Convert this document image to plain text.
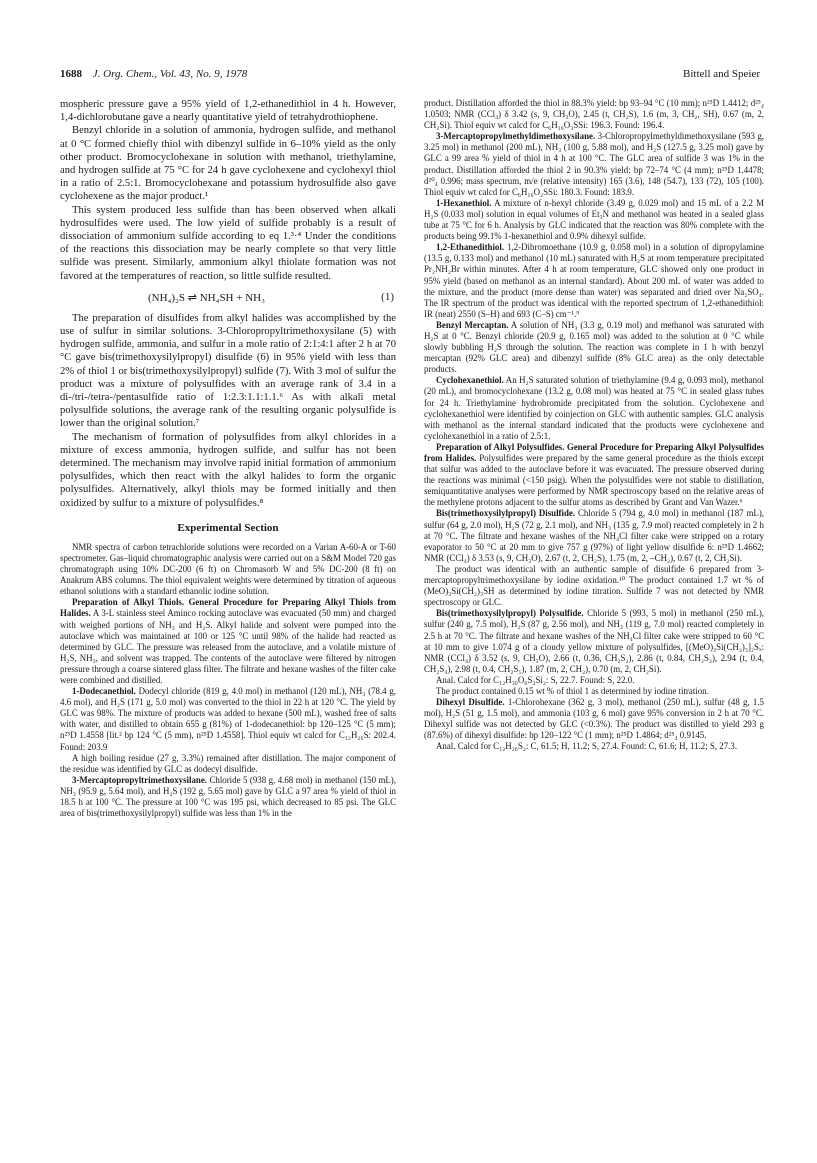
1688 J. Org. Chem., Vol. 43, No. 9, 1978	Bittell and Speier

mospheric pressure gave a 95% yield of 1,2-ethanedithiol in 4 h. However, 1,4-dichlorobutane gave a nearly quantitative yield of tetrahydrothiophene.

Benzyl chloride in a solution of ammonia, hydrogen sulfide, and methanol at 0 °C formed chiefly thiol with dibenzyl sulfide in 6–10% yield as the only other product. Bromocyclohexane in solution with methanol, triethylamine, and hydrogen sulfide at 75 °C for 24 h gave cyclohexene and cyclohexyl thiol in a ratio of 2.5:1. Bromocyclohexane and potassium hydrosulfide also gave cyclohexene as the major product.¹

This system produced less sulfide than has been observed when alkali hydrosulfides were used. The low yield of sulfide probably is a result of dissociation of ammonium sulfide according to eq 1.³·⁴ Under the conditions of the reactions this dissociation may be nearly complete so that very little sulfide was present. Similarly, ammonium alkyl thiolate formation was not favored at the temperatures of reaction, so little sulfide resulted.

(NH₄)₂S ⇌ NH₄SH + NH₃	(1)

The preparation of disulfides from alkyl halides was accomplished by the use of sulfur in similar solutions. 3-Chloropropyltrimethoxysilane (5) with hydrogen sulfide, ammonia, and sulfur in a mole ratio of 2:1:4:1 after 2 h at 70 °C gave bis(trimethoxysilylpropyl) disulfide (6) in 95% yield with less than 2% of thiol 1 or bis(trimethoxysilylpropyl) sulfide (7). With 3 mol of sulfur the product was a mixture of polysulfides with an average rank of 3.4 in a di-/tri-/tetra-/pentasulfide ratio of 1:2.3:1.1:1.1.⁶ As with alkali metal polysulfide solutions, the average rank of the resulting organic polysulfide is lower than the original solution.⁷

The mechanism of formation of polysulfides from alkyl chlorides in a mixture of excess ammonia, hydrogen sulfide, and sulfur has not been determined. The mechanism may involve rapid initial formation of ammonium polysulfides, which then react with the alkyl halides to form the organic polysulfides. Alternatively, alkyl thiols may be formed initially and then oxidized by sulfur to a mixture of polysulfides.⁸

Experimental Section

NMR spectra of carbon tetrachloride solutions were recorded on a Varian A-60-A or T-60 spectrometer. Gas–liquid chromatographic analysis were carried out on a S&M Model 720 gas chromatograph using 10% DC-200 (6 ft) on Chromasorb W and 5% DC-200 (8 ft) on Anakrum ABS columns. The thiol equivalent weights were determined by titration of aqueous ethanol solutions with a standard ethanolic iodine solution.

Preparation of Alkyl Thiols. General Procedure for Preparing Alkyl Thiols from Halides. A 3-L stainless steel Aminco rocking autoclave was evacuated (50 mm) and charged with weighed portions of NH₃ and H₂S. Alkyl halide and solvent were pumped into the autoclave which was maintained at 100 or 125 °C until 98% of the halide had reacted as determined by GLC. The pressure was released from the autoclave, and a volatile mixture of H₂S, NH₃, and solvent was trapped. The contents of the autoclave were filtered by nitrogen pressure through a coarse sintered glass filter. The filtrate and hexane washes of the filter cake were combined and distilled.

1-Dodecanethiol. Dodecyl chloride (819 g, 4.0 mol) in methanol (120 mL), NH₃ (78.4 g, 4.6 mol), and H₂S (171 g, 5.0 mol) was converted to the thiol in 22 h at 120 °C. The yield by GLC was 98%. The mixture of products was added to hexane (500 mL), washed free of salts with water, and distilled to obtain 655 g (81%) of 1-dodecanethiol: bp 120–125 °C (5 mm); n²⁵D 1.4558 [lit.² bp 124 °C (5 mm), n²⁵D 1.4558]. Thiol equiv wt calcd for C₁₂H₂₆S: 202.4. Found: 203.9

A high boiling residue (27 g, 3.3%) remained after distillation. The major component of the residue was identified by GLC as dodecyl disulfide.

3-Mercaptopropyltrimethoxysilane. Chloride 5 (938 g, 4.68 mol) in methanol (150 mL), NH₃ (95.9 g, 5.64 mol), and H₂S (192 g, 5.65 mol) gave by GLC a 97 area % yield of thiol in 18.5 h at 100 °C. The pressure at 100 °C was 195 psi, which decreased to 85 psi. The GLC area of bis(trimethoxysilylpropyl) sulfide was less than 1% in the

product. Distillation afforded the thiol in 88.3% yield: bp 93–94 °C (10 mm); n²⁵D 1.4412; d²⁵₄ 1.0503; NMR (CCl₄) δ 3.42 (s, 9, CH₃O), 2.45 (t, CH₂S), 1.6 (m, 3, CH₂, SH), 0.67 (m, 2, CH₂Si). Thiol equiv wt calcd for C₆H₁₆O₃SSi: 196.3. Found: 196.4.

3-Mercaptopropylmethyldimethoxysilane. 3-Chloropropylmethyldimethoxysilane (593 g, 3.25 mol) in methanol (200 mL), NH₃ (100 g, 5.88 mol), and H₂S (127.5 g, 3.25 mol) gave by GLC a 99 area % yield of thiol in 4 h at 100 °C. The GLC area of sulfide 3 was 1% in the product. Distillation afforded the thiol 2 in 90.3% yield: bp 72–74 °C (4 mm); n²⁵D 1.4478; d²⁰₄ 0.996; mass spectrum, m/e (relative intensity) 165 (3.6), 148 (54.7), 133 (72), 105 (100). Thiol equiv wt calcd for C₆H₁₆O₂SSi: 180.3. Found: 183.9.

1-Hexanethiol. A mixture of n-hexyl chloride (3.49 g, 0.029 mol) and 15 mL of a 2.2 M H₂S (0.033 mol) solution in equal volumes of Et₃N and methanol was heated in a sealed glass tube at 75 °C for 6 h. Analysis by GLC indicated that the reaction was 80% complete with the products being 99.1% 1-hexanethiol and 0.9% dihexyl sulfide.

1,2-Ethanedithiol. 1,2-Dibromoethane (10.9 g, 0.058 mol) in a solution of dipropylamine (13.5 g, 0.133 mol) and methanol (10 mL) saturated with H₂S at room temperature precipitated Pr₂NH₂Br within minutes. After 4 h at room temperature, GLC showed only one product in 95% yield (based on methanol as an internal standard). About 200 mL of water was added to the mixture, and the product (more dense than water) was separated and dried over Na₂SO₄. The IR spectrum of the product was identical with the reported spectrum of 1,2-ethanedithiol: IR (neat) 2550 (S–H) and 693 (C–S) cm⁻¹.⁹

Benzyl Mercaptan. A solution of NH₃ (3.3 g, 0.19 mol) and methanol was saturated with H₂S at 0 °C. Benzyl chloride (20.9 g, 0.165 mol) was added to the solution at 0 °C while slowly bubbling H₂S through the solution. The reaction was complete in 1 h with benzyl mercaptan (92% GLC area) and dibenzyl sulfide (8% GLC area) as the only detectable products.

Cyclohexanethiol. An H₂S saturated solution of triethylamine (9.4 g, 0.093 mol), methanol (20 mL), and bromocyclohexane (13.2 g, 0.08 mol) was heated at 75 °C in sealed glass tubes for 24 h. Triethylamine hydrobromide precipitated from the solution. Cyclohexene and cyclohexanethiol were identified by coinjection on GLC with authentic samples. GLC analysis with methanol as the internal standard indicated that the products were cyclohexene and cyclohexanethiol in a ratio of 2.5:1.

Preparation of Alkyl Polysulfides. General Procedure for Preparing Alkyl Polysulfides from Halides. Polysulfides were prepared by the same general procedure as the thiols except that sulfur was added to the autoclave before it was evacuated. The pressure observed during the reactions was minimal (<150 psig). When the polysulfides were not stable to distillation, semiquantitative analyses were performed by NMR spectroscopy based on the relative areas of the methylene protons adjacent to the sulfur atoms as described by Grant and Van Wazer.⁶

Bis(trimethoxysilylpropyl) Disulfide. Chloride 5 (794 g, 4.0 mol) in methanol (187 mL), sulfur (64 g, 2.0 mol), H₂S (72 g, 2.1 mol), and NH₃ (135 g, 7.9 mol) reacted completely in 2 h at 70 °C. The filtrate and hexane washes of the NH₄Cl filter cake were stripped on a rotary evaporator to 50 °C at 20 mm to give 757 g (97%) of light yellow disulfide 6: n²⁵D 1.4662; NMR (CCl₄) δ 3.53 (s, 9, CH₃O), 2.67 (t, 2, CH₂S), 1.75 (m, 2, –CH₂), 0.67 (t, 2, CH₂Si).

The product was identical with an authentic sample of disulfide 6 prepared from 3-mercaptopropyltrimethoxysilane by iodine oxidation.¹⁰ The product contained 1.7 wt % of (MeO)₃Si(CH₂)₃SH as determined by iodine titration. Sulfide 7 was not detected by NMR spectroscopy or GLC.

Bis(trimethoxysilylpropyl) Polysulfide. Chloride 5 (993, 5 mol) in methanol (250 mL), sulfur (240 g, 7.5 mol), H₂S (87 g, 2.56 mol), and NH₃ (119 g, 7.0 mol) reacted completely in 2.5 h at 70 °C. The filtrate and hexane washes of the NH₄Cl filter cake were stripped to 60 °C at 10 mm to give 1.074 g of a cloudy yellow mixture of polysulfides, [(MeO)₃Si(CH₂)₃]₂Sₓ: NMR (CCl₄) δ 3.52 (s, 9, CH₃O), 2.66 (t, 0.36, CH₂S₂), 2.86 (t, 0.84, CH₂S₃), 2.94 (t, 0.4, CH₂S₄), 2.98 (t, 0.4, CH₂S₅), 1.87 (m, 2, CH₂), 0.70 (m, 2, CH₂Si).

Anal. Calcd for C₁₂H₃₀O₆S₃Si₂: S, 22.7. Found: S, 22.0.

The product contained 0.15 wt % of thiol 1 as determined by iodine titration.

Dihexyl Disulfide. 1-Chlorohexane (362 g, 3 mol), methanol (250 mL), sulfur (48 g, 1.5 mol), H₂S (51 g, 1.5 mol), and ammonia (103 g, 6 mol) gave 95% conversion in 2 h at 70 °C. Dihexyl sulfide was not detected by GLC (<0.3%). The product was distilled to yield 293 g (87.6%) of dihexyl disulfide: bp 120–122 °C (1 mm); n²⁵D 1.4864; d²⁵₄ 0.9145.

Anal. Calcd for C₁₂H₂₆S₂: C, 61.5; H, 11.2; S, 27.4. Found: C, 61.6; H, 11.2; S, 27.3.
